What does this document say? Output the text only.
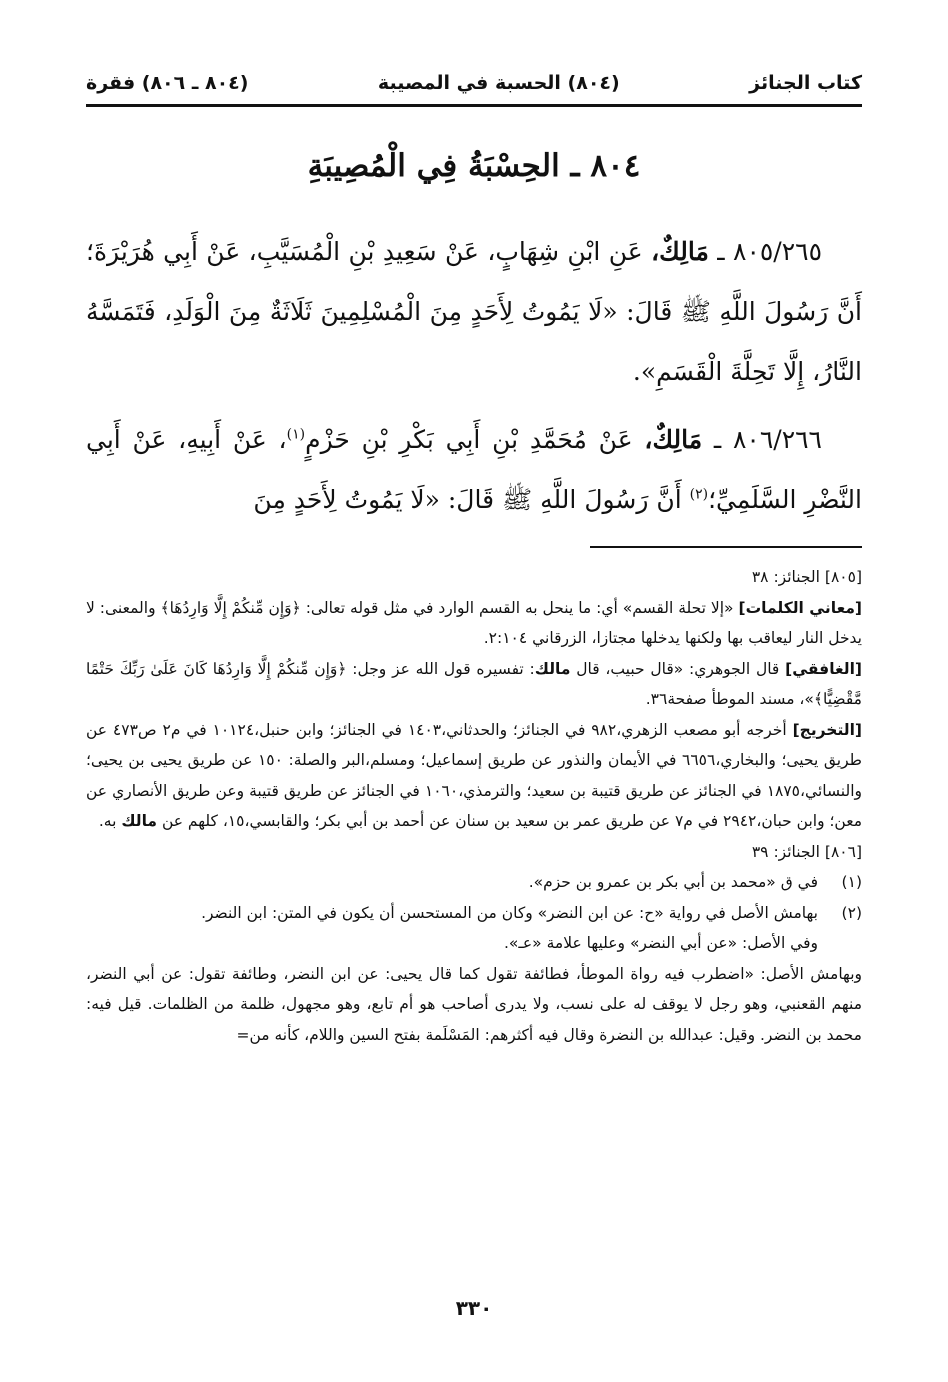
كتاب الجنائز
(٨٠٤) الحسبة في المصيبة
(٨٠٤ ـ ٨٠٦) فقرة
٨٠٤ ـ الحِسْبَةُ فِي الْمُصِيبَةِ

٨٠٥/٢٦٥ ـ مَالِكٌ، عَنِ ابْنِ شِهَابٍ، عَنْ سَعِيدِ بْنِ الْمُسَيَّبِ، عَنْ أَبِي هُرَيْرَةَ؛ أَنَّ رَسُولَ اللَّهِ ﷺ قَالَ: «لَا يَمُوتُ لِأَحَدٍ مِنَ الْمُسْلِمِينَ ثَلَاثَةٌ مِنَ الْوَلَدِ، فَتَمَسَّهُ النَّارُ، إِلَّا تَحِلَّةَ الْقَسَمِ».

٨٠٦/٢٦٦ ـ مَالِكٌ، عَنْ مُحَمَّدِ بْنِ أَبِي بَكْرِ بْنِ حَزْمٍ$^{(١)}$، عَنْ أَبِيهِ، عَنْ أَبِي النَّضْرِ السَّلَمِيِّ؛$^{(٢)}$ أَنَّ رَسُولَ اللَّهِ ﷺ قَالَ: «لَا يَمُوتُ لِأَحَدٍ مِنَ

[٨٠٥] الجنائز: ٣٨

[معاني الكلمات] «إلا تحلة القسم» أي: ما ينحل به القسم الوارد في مثل قوله تعالى: ﴿وَإِن مِّنكُمْ إِلَّا وَارِدُهَا﴾ والمعنى: لا يدخل النار ليعاقب بها ولكنها يدخلها مجتازا، الزرقاني ٢:١٠٤.

[الغافقي] قال الجوهري: «قال حبيب، قال مالك: تفسيره قول الله عز وجل: ﴿وَإِن مِّنكُمْ إِلَّا وَارِدُهَا كَانَ عَلَىٰ رَبِّكَ حَتْمًا مَّقْضِيًّا﴾»، مسند الموطأ صفحة٣٦.

[التخريج] أخرجه أبو مصعب الزهري،٩٨٢ في الجنائز؛ والحدثاني،١٤٠٣ في الجنائز؛ وابن حنبل،١٠١٢٤ في م٢ ص٤٧٣ عن طريق يحيى؛ والبخاري،٦٦٥٦ في الأيمان والنذور عن طريق إسماعيل؛ ومسلم،البر والصلة: ١٥٠ عن طريق يحيى بن يحيى؛ والنسائي،١٨٧٥ في الجنائز عن طريق قتيبة بن سعيد؛ والترمذي،١٠٦٠ في الجنائز عن طريق قتيبة وعن طريق الأنصاري عن معن؛ وابن حبان،٢٩٤٢ في م٧ عن طريق عمر بن سعيد بن سنان عن أحمد بن أبي بكر؛ والقابسي،١٥، كلهم عن مالك به.

[٨٠٦] الجنائز: ٣٩

(١)
في ق «محمد بن أبي بكر بن عمرو بن حزم».
(٢)
بهامش الأصل في رواية «ح: عن ابن النضر» وكان من المستحسن أن يكون في المتن: ابن النضر.

وفي الأصل: «عن أبي النضر» وعليها علامة «عـ».

وبهامش الأصل: «اضطرب فيه رواة الموطأ، فطائفة تقول كما قال يحيى: عن ابن النضر، وطائفة تقول: عن أبي النضر، منهم القعنبي، وهو رجل لا يوقف له على نسب، ولا يدرى أصاحب هو أم تابع، وهو مجهول، ظلمة من الظلمات. قيل فيه: محمد بن النضر. وقيل: عبدالله بن النضرة وقال فيه أكثرهم: المَسْلَمة بفتح السين واللام، كأنه من=

٣٣٠
